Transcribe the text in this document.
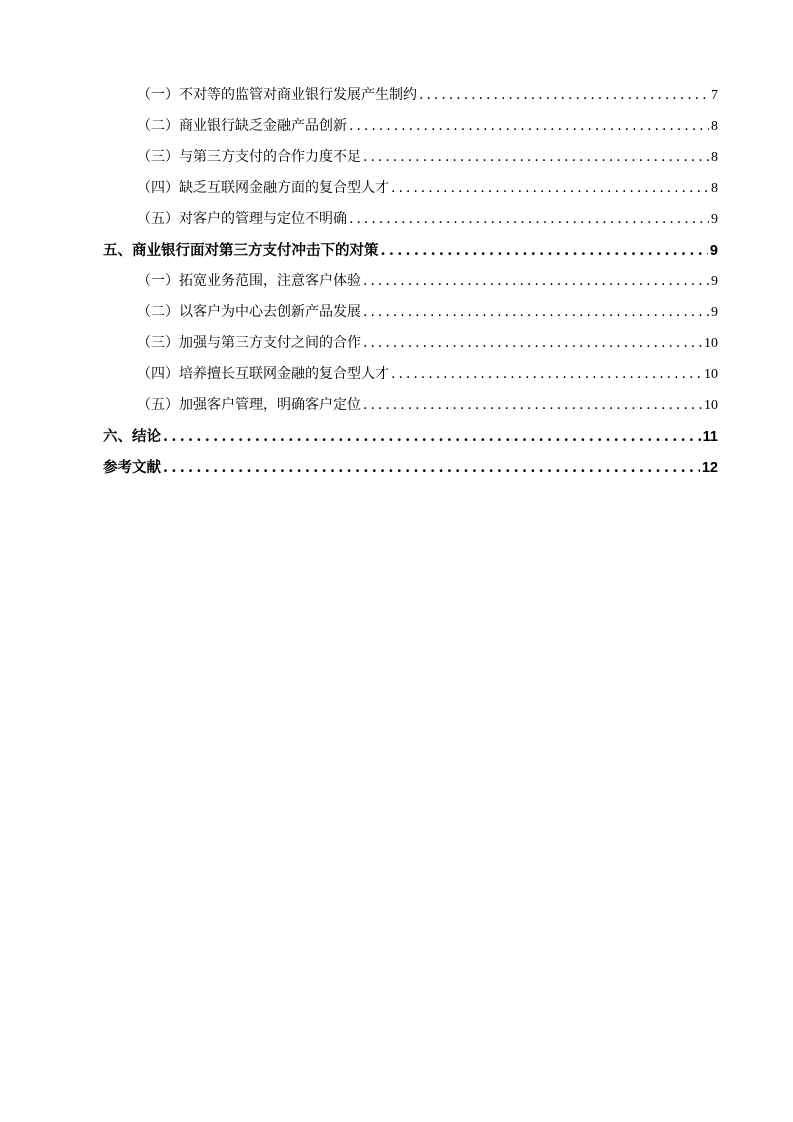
（一）不对等的监管对商业银行发展产生制约 .....	7
（二）商业银行缺乏金融产品创新 .....	8
（三）与第三方支付的合作力度不足 .....	8
（四）缺乏互联网金融方面的复合型人才 .....	8
（五）对客户的管理与定位不明确 .....	9
五、商业银行面对第三方支付冲击下的对策 .....	9
（一）拓宽业务范围，注意客户体验 .....	9
（二）以客户为中心去创新产品发展 .....	9
（三）加强与第三方支付之间的合作 .....	10
（四）培养擅长互联网金融的复合型人才 .....	10
（五）加强客户管理，明确客户定位 .....	10
六、结论 .....	11
参考文献 .....	12
